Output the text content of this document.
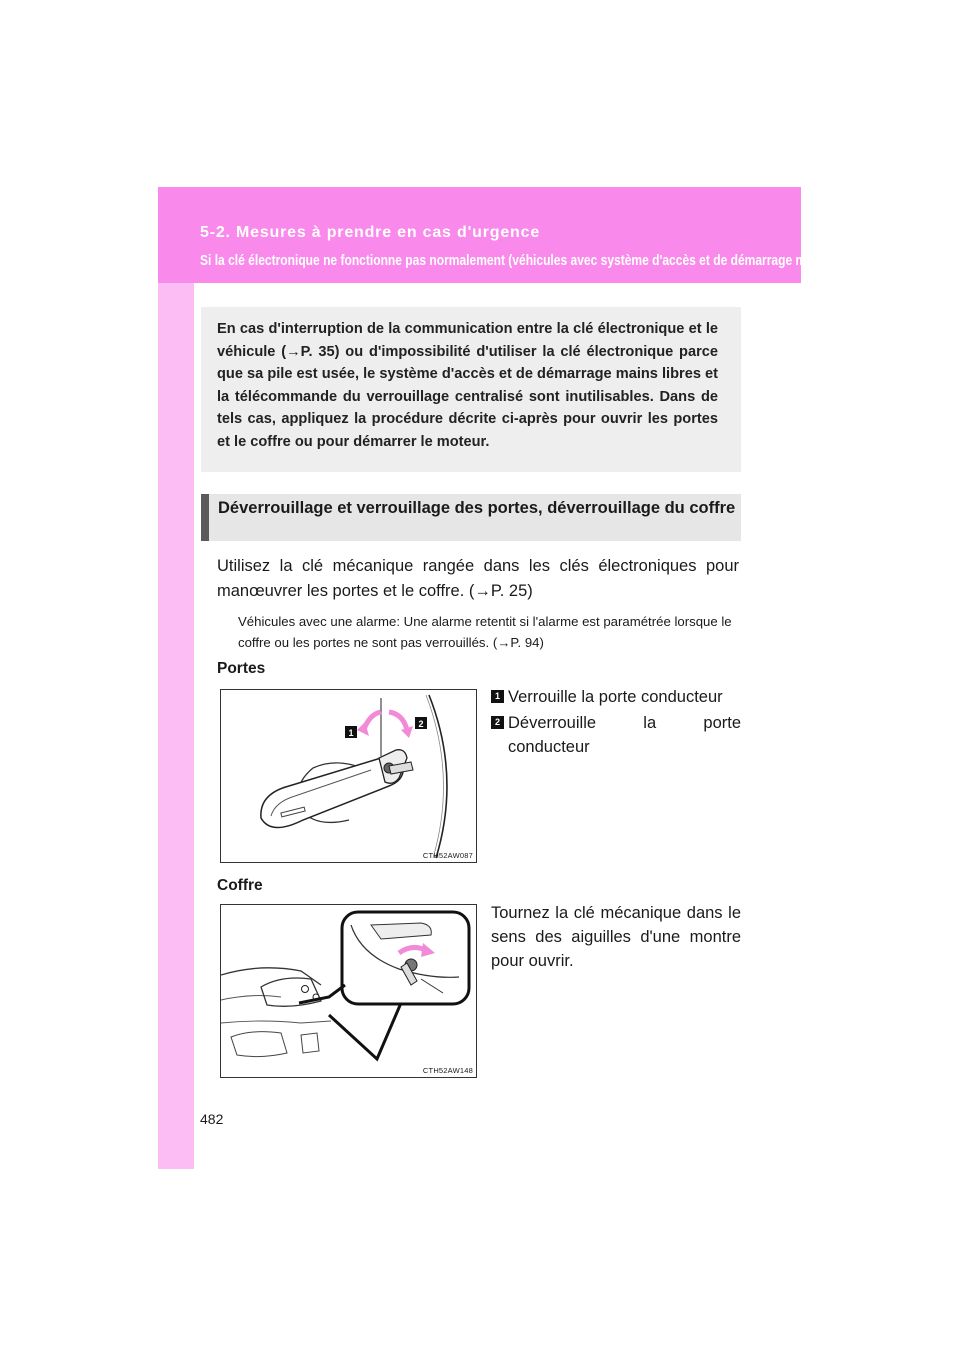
5-2. Mesures à prendre en cas d'urgence
Si la clé électronique ne fonctionne pas normalement (véhicules avec système d'accès et de démarrage mains libres)

En cas d'interruption de la communication entre la clé électronique et le véhicule (→P. 35) ou d'impossibilité d'utiliser la clé électronique parce que sa pile est usée, le système d'accès et de démarrage mains libres et la télécommande du verrouillage centralisé sont inutilisables. Dans de tels cas, appliquez la procédure décrite ci-après pour ouvrir les portes et le coffre ou pour démarrer le moteur.

Déverrouillage et verrouillage des portes, déverrouillage du coffre

Utilisez la clé mécanique rangée dans les clés électroniques pour manœuvrer les portes et le coffre. (→P. 25)

Véhicules avec une alarme: Une alarme retentit si l'alarme est paramétrée lorsque le coffre ou les portes ne sont pas verrouillés. (→P. 94)

Portes
1
2
CTH52AW087
1 Verrouille la porte conducteur
2 Déverrouille la porte conducteur
Coffre
CTH52AW148

Tournez la clé mécanique dans le sens des aiguilles d'une montre pour ouvrir.

482
